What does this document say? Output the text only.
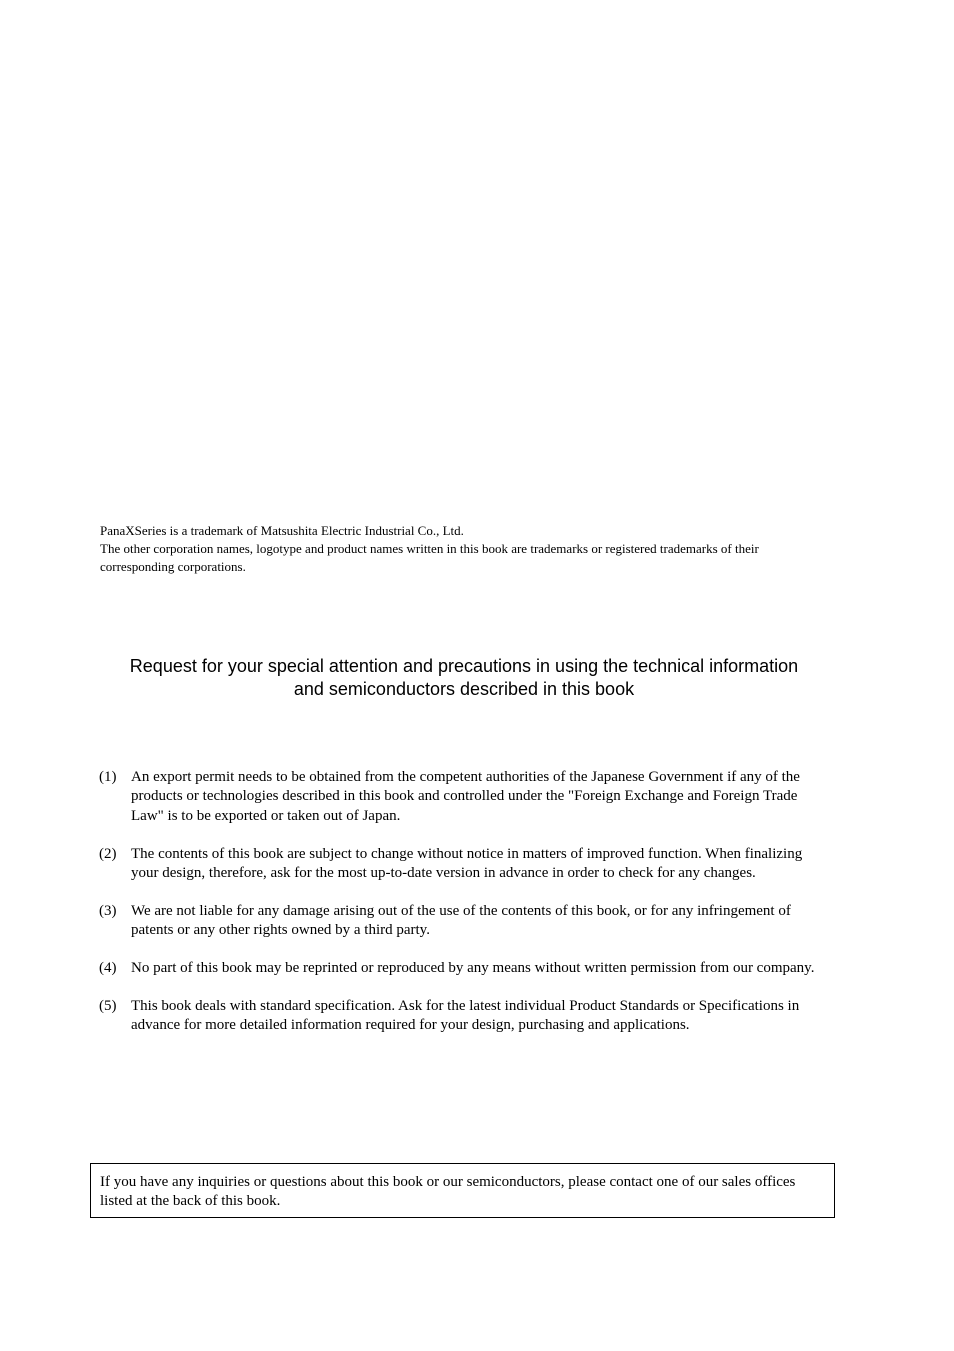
PanaXSeries is a trademark of Matsushita Electric Industrial Co., Ltd.

The other corporation names, logotype and product names written in this book are trademarks or registered trademarks of their corresponding corporations.

Request for your special attention and precautions in using the technical information
and semiconductors described in this book
(1) An export permit needs to be obtained from the competent authorities of the Japanese Government if any of the products or technologies described in this book and controlled under the "Foreign Exchange and Foreign Trade Law" is to be exported or taken out of Japan.
(2) The contents of this book are subject to change without notice in matters of improved function. When finalizing your design, therefore, ask for the most up-to-date version in advance in order to check for any changes.
(3) We are not liable for any damage arising out of the use of the contents of this book, or for any infringement of patents or any other rights owned by a third party.
(4) No part of this book may be reprinted or reproduced by any means without written permission from our company.
(5) This book deals with standard specification. Ask for the latest individual Product Standards or Specifications in advance for more detailed information required for your design, purchasing and applications.
If you have any inquiries or questions about this book or our semiconductors, please contact one of our sales offices listed at the back of this book.
